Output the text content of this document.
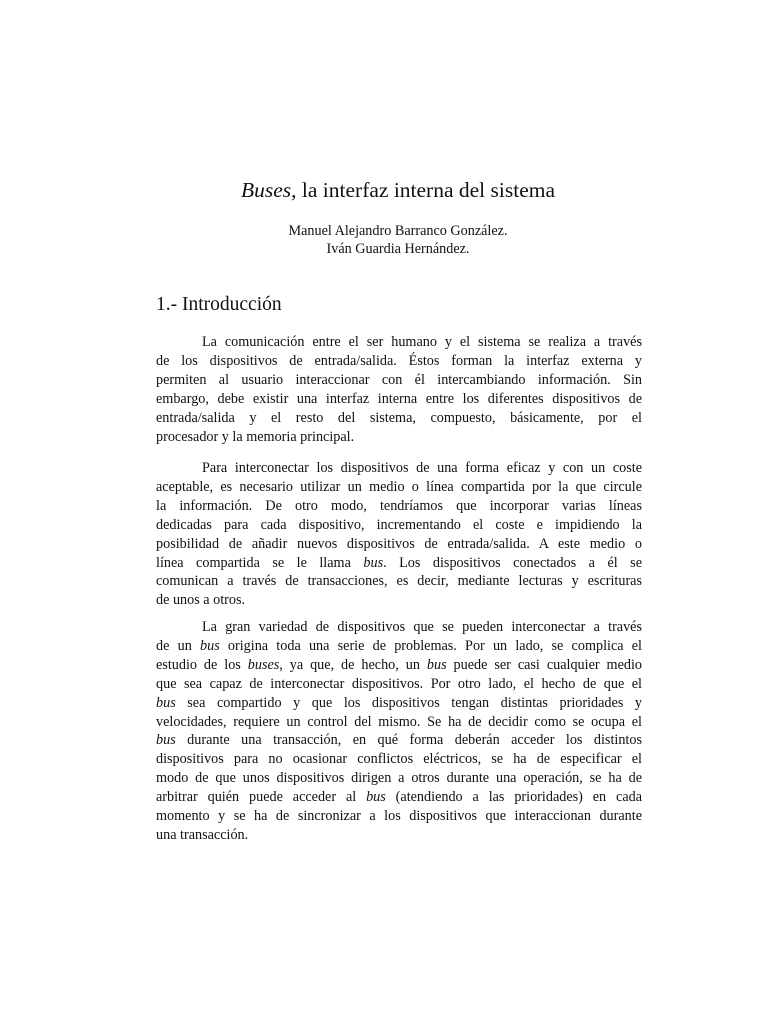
Buses, la interfaz interna del sistema
Manuel Alejandro Barranco González.
Iván Guardia Hernández.
1.- Introducción
La comunicación entre el ser humano y el sistema se realiza a través
de los dispositivos de entrada/salida. Éstos forman la interfaz externa y
permiten al usuario interaccionar con él intercambiando información. Sin
embargo, debe existir una interfaz interna entre los diferentes dispositivos de
entrada/salida y el resto del sistema, compuesto, básicamente, por el
procesador y la memoria principal.
Para interconectar los dispositivos de una forma eficaz y con un coste
aceptable, es necesario utilizar un medio o línea compartida por la que circule
la información. De otro modo, tendríamos que incorporar varias líneas
dedicadas para cada dispositivo, incrementando el coste e impidiendo la
posibilidad de añadir nuevos dispositivos de entrada/salida. A este medio o
línea compartida se le llama bus. Los dispositivos conectados a él se
comunican a través de transacciones, es decir, mediante lecturas y escrituras
de unos a otros.
La gran variedad de dispositivos que se pueden interconectar a través
de un bus origina toda una serie de problemas. Por un lado, se complica el
estudio de los buses, ya que, de hecho, un bus puede ser casi cualquier medio
que sea capaz de interconectar dispositivos. Por otro lado, el hecho de que el
bus sea compartido y que los dispositivos tengan distintas prioridades y
velocidades, requiere un control del mismo. Se ha de decidir como se ocupa el
bus durante una transacción, en qué forma deberán acceder los distintos
dispositivos para no ocasionar conflictos eléctricos, se ha de especificar el
modo de que unos dispositivos dirigen a otros durante una operación, se ha de
arbitrar quién puede acceder al bus (atendiendo a las prioridades) en cada
momento y se ha de sincronizar a los dispositivos que interaccionan durante
una transacción.
